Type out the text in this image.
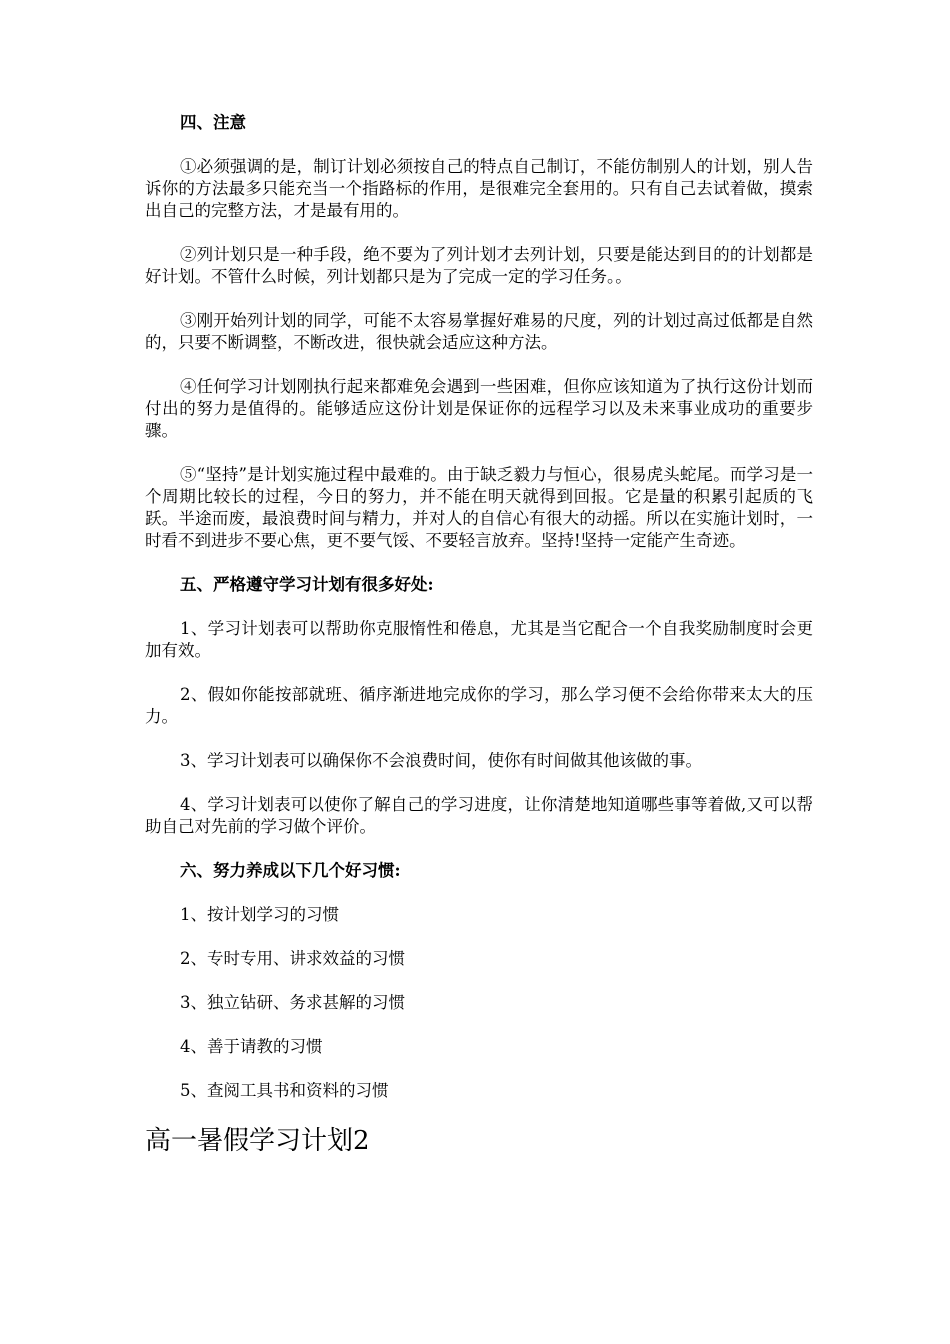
四、注意

①必须强调的是，制订计划必须按自己的特点自己制订，不能仿制别人的计划，别人告诉你的方法最多只能充当一个指路标的作用，是很难完全套用的。只有自己去试着做，摸索出自己的完整方法，才是最有用的。

②列计划只是一种手段，绝不要为了列计划才去列计划，只要是能达到目的的计划都是好计划。不管什么时候，列计划都只是为了完成一定的学习任务。。

③刚开始列计划的同学，可能不太容易掌握好难易的尺度，列的计划过高过低都是自然的，只要不断调整，不断改进，很快就会适应这种方法。

④任何学习计划刚执行起来都难免会遇到一些困难，但你应该知道为了执行这份计划而付出的努力是值得的。能够适应这份计划是保证你的远程学习以及未来事业成功的重要步骤。

⑤“坚持”是计划实施过程中最难的。由于缺乏毅力与恒心，很易虎头蛇尾。而学习是一个周期比较长的过程，今日的努力，并不能在明天就得到回报。它是量的积累引起质的飞跃。半途而废，最浪费时间与精力，并对人的自信心有很大的动摇。所以在实施计划时，一时看不到进步不要心焦，更不要气馁、不要轻言放弃。坚持!坚持一定能产生奇迹。

五、严格遵守学习计划有很多好处:

1、学习计划表可以帮助你克服惰性和倦息，尤其是当它配合一个自我奖励制度时会更加有效。

2、假如你能按部就班、循序渐进地完成你的学习，那么学习便不会给你带来太大的压力。

3、学习计划表可以确保你不会浪费时间，使你有时间做其他该做的事。

4、学习计划表可以使你了解自己的学习进度，让你清楚地知道哪些事等着做,又可以帮助自己对先前的学习做个评价。

六、努力养成以下几个好习惯:

1、按计划学习的习惯

2、专时专用、讲求效益的习惯

3、独立钻研、务求甚解的习惯

4、善于请教的习惯

5、查阅工具书和资料的习惯

高一暑假学习计划2
